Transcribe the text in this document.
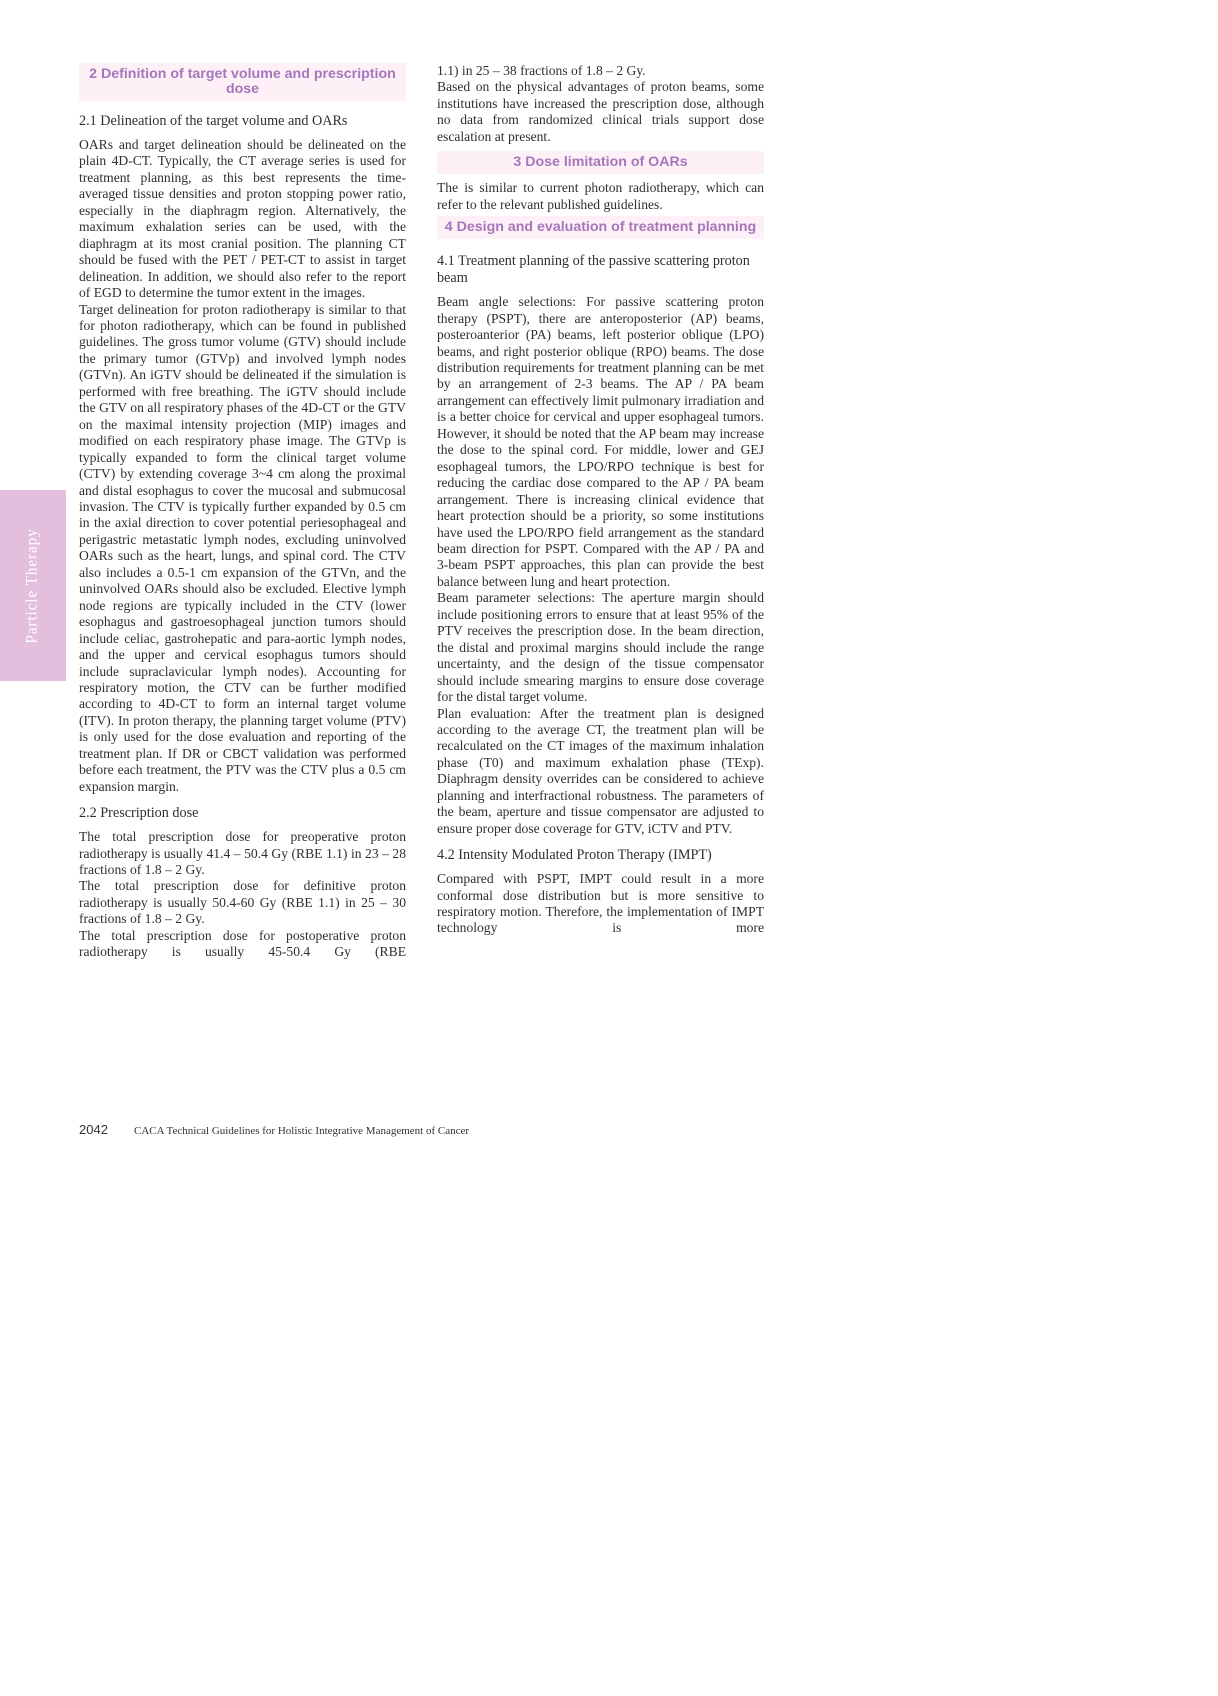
Particle Therapy
2 Definition of target volume and prescription dose
2.1 Delineation of the target volume and OARs

OARs and target delineation should be delineated on the plain 4D-CT. Typically, the CT average series is used for treatment planning, as this best represents the time-averaged tissue densities and proton stopping power ratio, especially in the diaphragm region. Alternatively, the maximum exhalation series can be used, with the diaphragm at its most cranial position. The planning CT should be fused with the PET / PET-CT to assist in target delineation. In addition, we should also refer to the report of EGD to determine the tumor extent in the images.

Target delineation for proton radiotherapy is similar to that for photon radiotherapy, which can be found in published guidelines. The gross tumor volume (GTV) should include the primary tumor (GTVp) and involved lymph nodes (GTVn). An iGTV should be delineated if the simulation is performed with free breathing. The iGTV should include the GTV on all respiratory phases of the 4D-CT or the GTV on the maximal intensity projection (MIP) images and modified on each respiratory phase image. The GTVp is typically expanded to form the clinical target volume (CTV) by extending coverage 3~4 cm along the proximal and distal esophagus to cover the mucosal and submucosal invasion. The CTV is typically further expanded by 0.5 cm in the axial direction to cover potential periesophageal and perigastric metastatic lymph nodes, excluding uninvolved OARs such as the heart, lungs, and spinal cord. The CTV also includes a 0.5-1 cm expansion of the GTVn, and the uninvolved OARs should also be excluded. Elective lymph node regions are typically included in the CTV (lower esophagus and gastroesophageal junction tumors should include celiac, gastrohepatic and para-aortic lymph nodes, and the upper and cervical esophagus tumors should include supraclavicular lymph nodes). Accounting for respiratory motion, the CTV can be further modified according to 4D-CT to form an internal target volume (ITV). In proton therapy, the planning target volume (PTV) is only used for the dose evaluation and reporting of the treatment plan. If DR or CBCT validation was performed before each treatment, the PTV was the CTV plus a 0.5 cm expansion margin.

2.2 Prescription dose

The total prescription dose for preoperative proton radiotherapy is usually 41.4 – 50.4 Gy (RBE 1.1) in 23 – 28 fractions of 1.8 – 2 Gy.

The total prescription dose for definitive proton radiotherapy is usually 50.4-60 Gy (RBE 1.1) in 25 – 30 fractions of 1.8 – 2 Gy.

The total prescription dose for postoperative proton radiotherapy is usually 45-50.4 Gy (RBE

1.1) in 25 – 38 fractions of 1.8 – 2 Gy.

Based on the physical advantages of proton beams, some institutions have increased the prescription dose, although no data from randomized clinical trials support dose escalation at present.

3 Dose limitation of OARs

The is similar to current photon radiotherapy, which can refer to the relevant published guidelines.

4 Design and evaluation of treatment planning
4.1 Treatment planning of the passive scattering proton beam

Beam angle selections: For passive scattering proton therapy (PSPT), there are anteroposterior (AP) beams, posteroanterior (PA) beams, left posterior oblique (LPO) beams, and right posterior oblique (RPO) beams. The dose distribution requirements for treatment planning can be met by an arrangement of 2-3 beams. The AP / PA beam arrangement can effectively limit pulmonary irradiation and is a better choice for cervical and upper esophageal tumors. However, it should be noted that the AP beam may increase the dose to the spinal cord. For middle, lower and GEJ esophageal tumors, the LPO/RPO technique is best for reducing the cardiac dose compared to the AP / PA beam arrangement. There is increasing clinical evidence that heart protection should be a priority, so some institutions have used the LPO/RPO field arrangement as the standard beam direction for PSPT. Compared with the AP / PA and 3-beam PSPT approaches, this plan can provide the best balance between lung and heart protection.

Beam parameter selections: The aperture margin should include positioning errors to ensure that at least 95% of the PTV receives the prescription dose. In the beam direction, the distal and proximal margins should include the range uncertainty, and the design of the tissue compensator should include smearing margins to ensure dose coverage for the distal target volume.

Plan evaluation: After the treatment plan is designed according to the average CT, the treatment plan will be recalculated on the CT images of the maximum inhalation phase (T0) and maximum exhalation phase (TExp). Diaphragm density overrides can be considered to achieve planning and interfractional robustness. The parameters of the beam, aperture and tissue compensator are adjusted to ensure proper dose coverage for GTV, iCTV and PTV.

4.2 Intensity Modulated Proton Therapy (IMPT)

Compared with PSPT, IMPT could result in a more conformal dose distribution but is more sensitive to respiratory motion. Therefore, the implementation of IMPT technology is more

2042	CACA Technical Guidelines for Holistic Integrative Management of Cancer
